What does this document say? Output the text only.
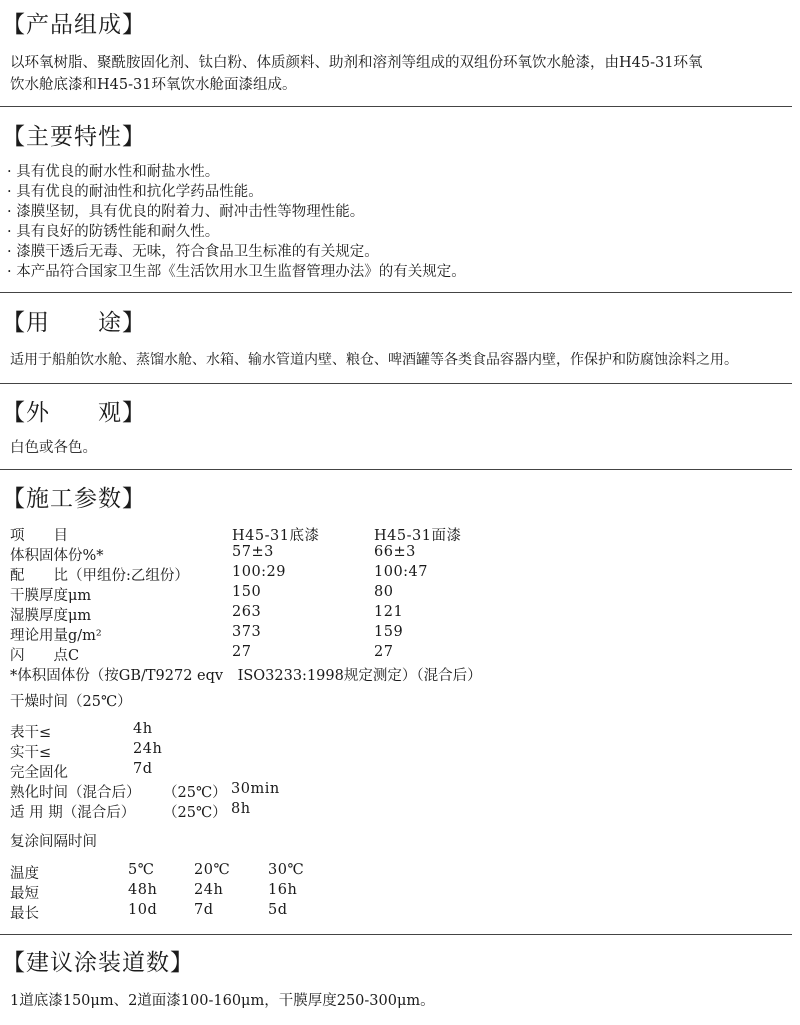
【产品组成】
以环氧树脂、聚酰胺固化剂、钛白粉、体质颜料、助剂和溶剂等组成的双组份环氧饮水舱漆，由H45-31环氧
饮水舱底漆和H45-31环氧饮水舱面漆组成。
【主要特性】
· 具有优良的耐水性和耐盐水性。
· 具有优良的耐油性和抗化学药品性能。
· 漆膜坚韧，具有优良的附着力、耐冲击性等物理性能。
· 具有良好的防锈性能和耐久性。
· 漆膜干透后无毒、无味，符合食品卫生标准的有关规定。
· 本产品符合国家卫生部《生活饮用水卫生监督管理办法》的有关规定。
【用　　途】
适用于船舶饮水舱、蒸馏水舱、水箱、输水管道内壁、粮仓、啤酒罐等各类食品容器内壁，作保护和防腐蚀涂料之用。
【外　　观】
白色或各色。
【施工参数】
项　　目	H45-31底漆	H45-31面漆
体积固体份%*	57±3	66±3
配　　比（甲组份:乙组份）	100:29	100:47
干膜厚度μm	150	80
湿膜厚度μm	263	121
理论用量g/m²	373	159
闪　　点C	27	27
*体积固体份（按GB/T9272 eqv　ISO3233:1998规定测定）（混合后）
干燥时间（25℃）
表干≤	4h
实干≤	24h
完全固化	7d
熟化时间（混合后） （25℃） 30min
适 用 期（混合后） （25℃） 8h
复涂间隔时间
温度	5℃	20℃	30℃
最短	48h	24h	16h
最长	10d	7d	5d
【建议涂装道数】
1道底漆150μm、2道面漆100-160μm，干膜厚度250-300μm。
